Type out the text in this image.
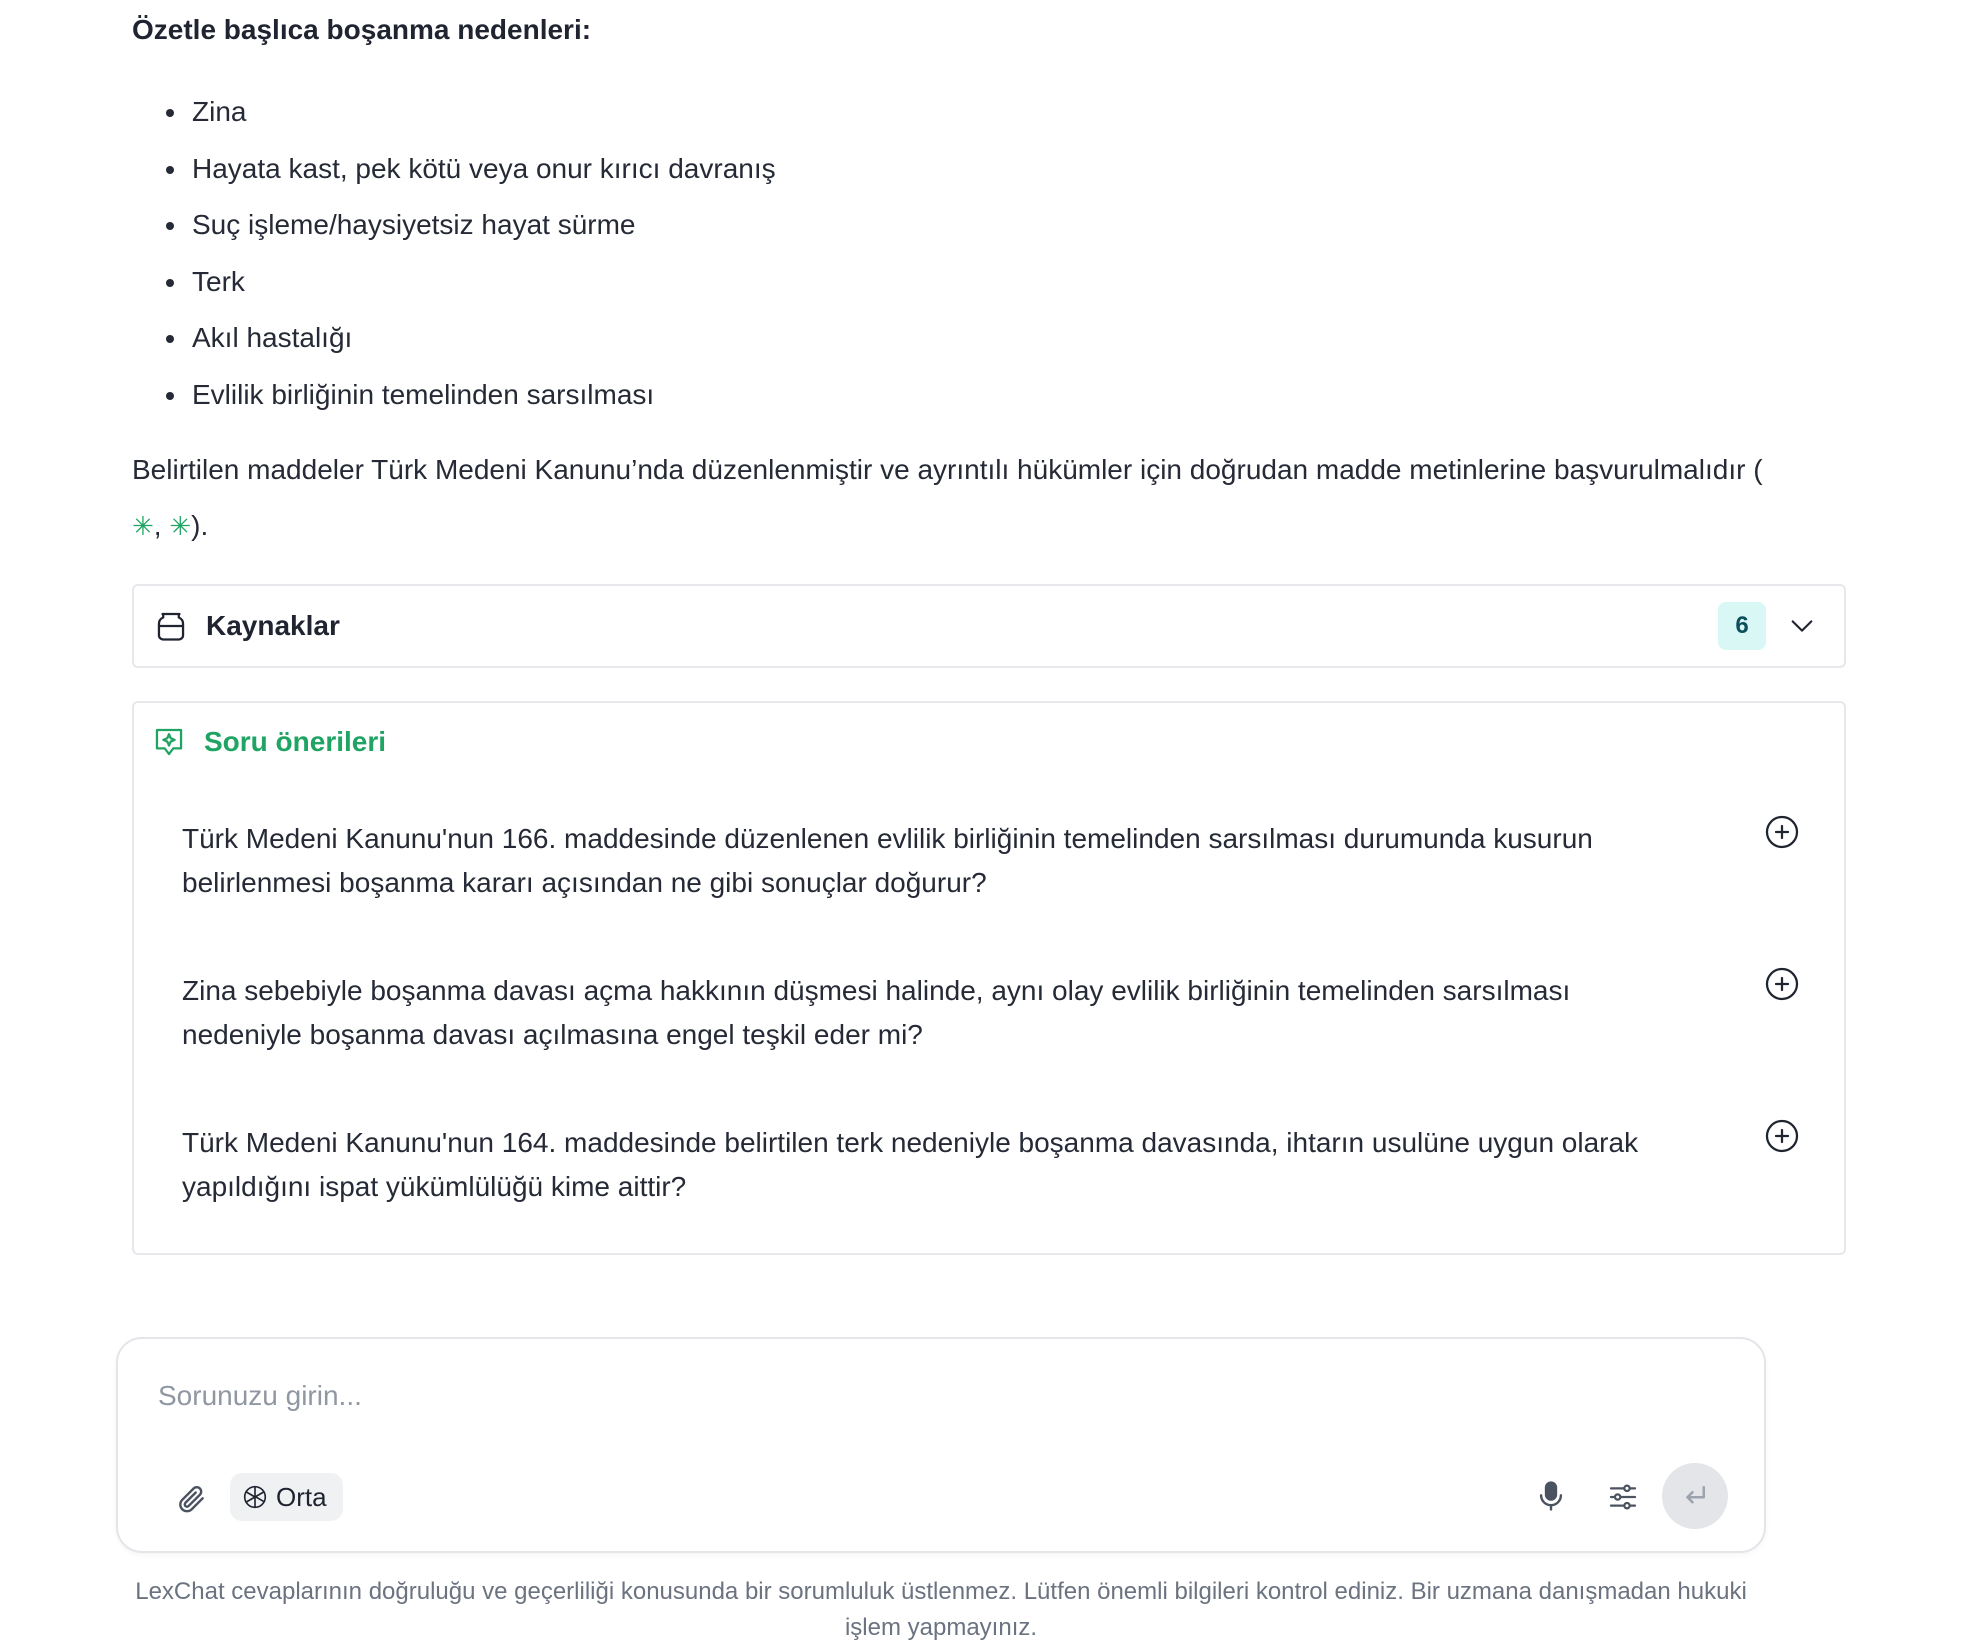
Özetle başlıca boşanma nedenleri:
Zina
Hayata kast, pek kötü veya onur kırıcı davranış
Suç işleme/haysiyetsiz hayat sürme
Terk
Akıl hastalığı
Evlilik birliğinin temelinden sarsılması

Belirtilen maddeler Türk Medeni Kanunu’nda düzenlenmiştir ve ayrıntılı hükümler için doğrudan madde metinlerine başvurulmalıdır (
✳, ✳).

Kaynaklar	6
Soru önerileri
Türk Medeni Kanunu'nun 166. maddesinde düzenlenen evlilik birliğinin temelinden sarsılması durumunda kusurun belirlenmesi boşanma kararı açısından ne gibi sonuçlar doğurur?
Zina sebebiyle boşanma davası açma hakkının düşmesi halinde, aynı olay evlilik birliğinin temelinden sarsılması nedeniyle boşanma davası açılmasına engel teşkil eder mi?
Türk Medeni Kanunu'nun 164. maddesinde belirtilen terk nedeniyle boşanma davasında, ihtarın usulüne uygun olarak yapıldığını ispat yükümlülüğü kime aittir?
Sorunuzu girin...
Orta
LexChat cevaplarının doğruluğu ve geçerliliği konusunda bir sorumluluk üstlenmez. Lütfen önemli bilgileri kontrol ediniz. Bir uzmana danışmadan hukuki işlem yapmayınız.
